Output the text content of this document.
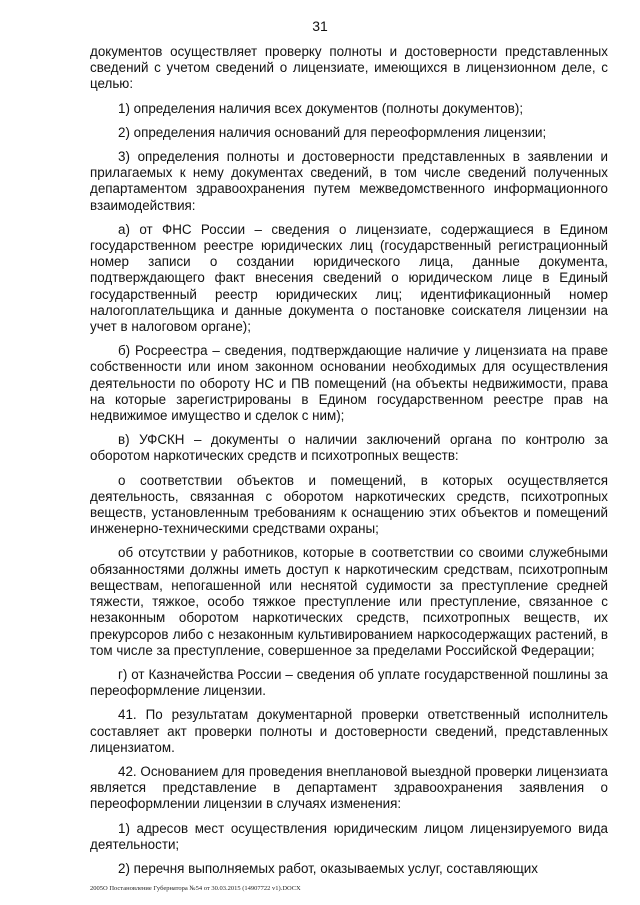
31

документов осуществляет проверку полноты и достоверности представленных сведений с учетом сведений о лицензиате, имеющихся в лицензионном деле, с целью:

1) определения наличия всех документов (полноты документов);

2) определения наличия оснований для переоформления лицензии;

3) определения полноты и достоверности представленных в заявлении и прилагаемых к нему документах сведений, в том числе сведений полученных департаментом здравоохранения путем межведомственного информационного взаимодействия:

а) от ФНС России – сведения о лицензиате, содержащиеся в Едином государственном реестре юридических лиц (государственный регистрационный номер записи о создании юридического лица, данные документа, подтверждающего факт внесения сведений о юридическом лице в Единый государственный реестр юридических лиц; идентификационный номер налогоплательщика и данные документа о постановке соискателя лицензии на учет в налоговом органе);

б) Росреестра – сведения, подтверждающие наличие у лицензиата на праве собственности или ином законном основании необходимых для осуществления деятельности по обороту НС и ПВ помещений (на объекты недвижимости, права на которые зарегистрированы в Едином государственном реестре прав на недвижимое имущество и сделок с ним);

в) УФСКН – документы о наличии заключений органа по контролю за оборотом наркотических средств и психотропных веществ:

о соответствии объектов и помещений, в которых осуществляется деятельность, связанная с оборотом наркотических средств, психотропных веществ, установленным требованиям к оснащению этих объектов и помещений инженерно-техническими средствами охраны;

об отсутствии у работников, которые в соответствии со своими служебными обязанностями должны иметь доступ к наркотическим средствам, психотропным веществам, непогашенной или неснятой судимости за преступление средней тяжести, тяжкое, особо тяжкое преступление или преступление, связанное с незаконным оборотом наркотических средств, психотропных веществ, их прекурсоров либо с незаконным культивированием наркосодержащих растений, в том числе за преступление, совершенное за пределами Российской Федерации;

г) от Казначейства России – сведения об уплате государственной пошлины за переоформление лицензии.

41. По результатам документарной проверки ответственный исполнитель составляет акт проверки полноты и достоверности сведений, представленных лицензиатом.

42. Основанием для проведения внеплановой выездной проверки лицензиата является представление в департамент здравоохранения заявления о переоформлении лицензии в случаях изменения:

1) адресов мест осуществления юридическим лицом лицензируемого вида деятельности;

2) перечня выполняемых работ, оказываемых услуг, составляющих

2005О Постановление Губернатора №54 от 30.03.2015 (14907722 v1).DOCX
